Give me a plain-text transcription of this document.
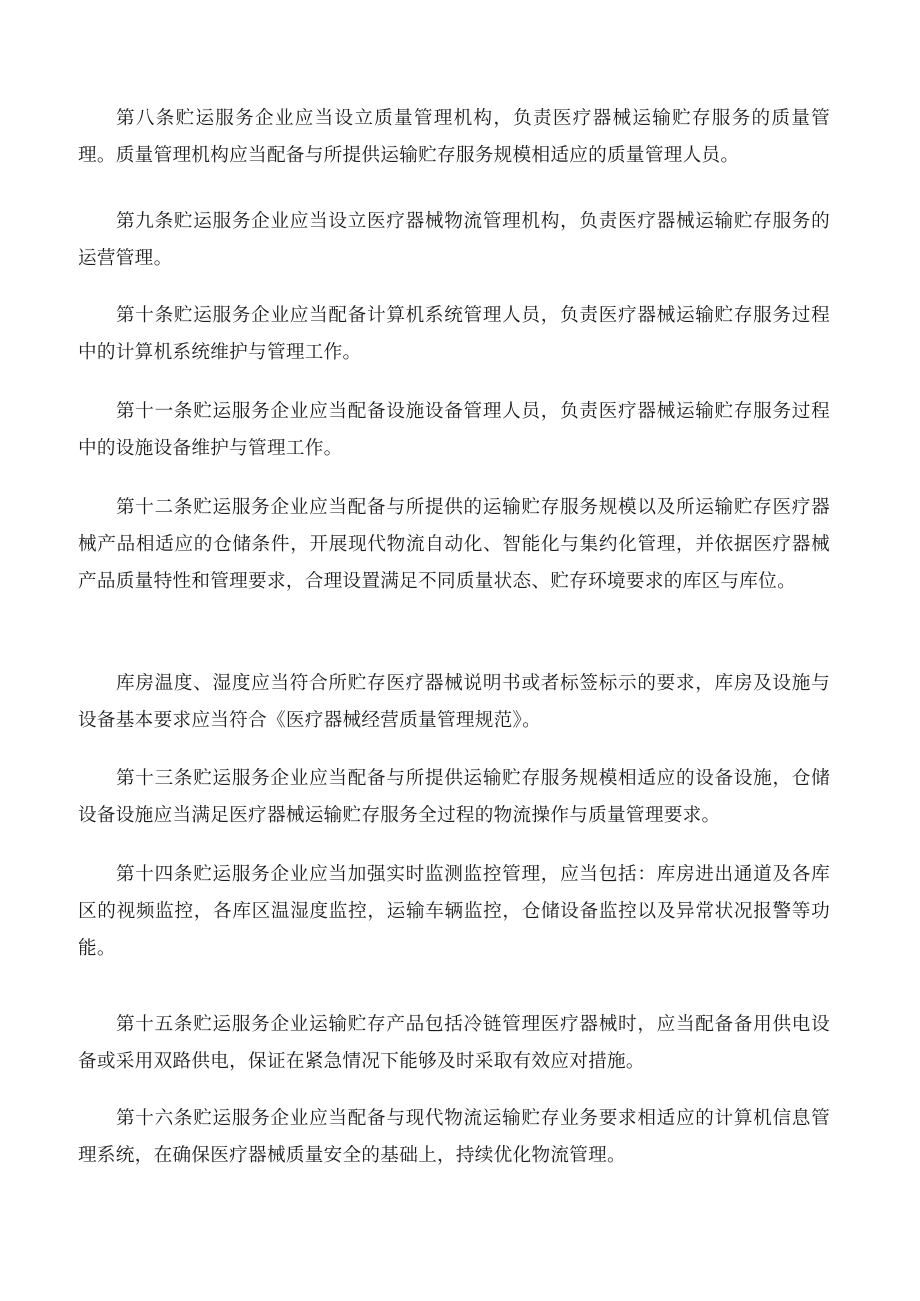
第八条贮运服务企业应当设立质量管理机构，负责医疗器械运输贮存服务的质量管理。质量管理机构应当配备与所提供运输贮存服务规模相适应的质量管理人员。

第九条贮运服务企业应当设立医疗器械物流管理机构，负责医疗器械运输贮存服务的运营管理。

第十条贮运服务企业应当配备计算机系统管理人员，负责医疗器械运输贮存服务过程中的计算机系统维护与管理工作。

第十一条贮运服务企业应当配备设施设备管理人员，负责医疗器械运输贮存服务过程中的设施设备维护与管理工作。

第十二条贮运服务企业应当配备与所提供的运输贮存服务规模以及所运输贮存医疗器械产品相适应的仓储条件，开展现代物流自动化、智能化与集约化管理，并依据医疗器械产品质量特性和管理要求，合理设置满足不同质量状态、贮存环境要求的库区与库位。

库房温度、湿度应当符合所贮存医疗器械说明书或者标签标示的要求，库房及设施与设备基本要求应当符合《医疗器械经营质量管理规范》。

第十三条贮运服务企业应当配备与所提供运输贮存服务规模相适应的设备设施，仓储设备设施应当满足医疗器械运输贮存服务全过程的物流操作与质量管理要求。

第十四条贮运服务企业应当加强实时监测监控管理，应当包括：库房进出通道及各库区的视频监控，各库区温湿度监控，运输车辆监控，仓储设备监控以及异常状况报警等功能。

第十五条贮运服务企业运输贮存产品包括冷链管理医疗器械时，应当配备备用供电设备或采用双路供电，保证在紧急情况下能够及时采取有效应对措施。

第十六条贮运服务企业应当配备与现代物流运输贮存业务要求相适应的计算机信息管理系统，在确保医疗器械质量安全的基础上，持续优化物流管理。
